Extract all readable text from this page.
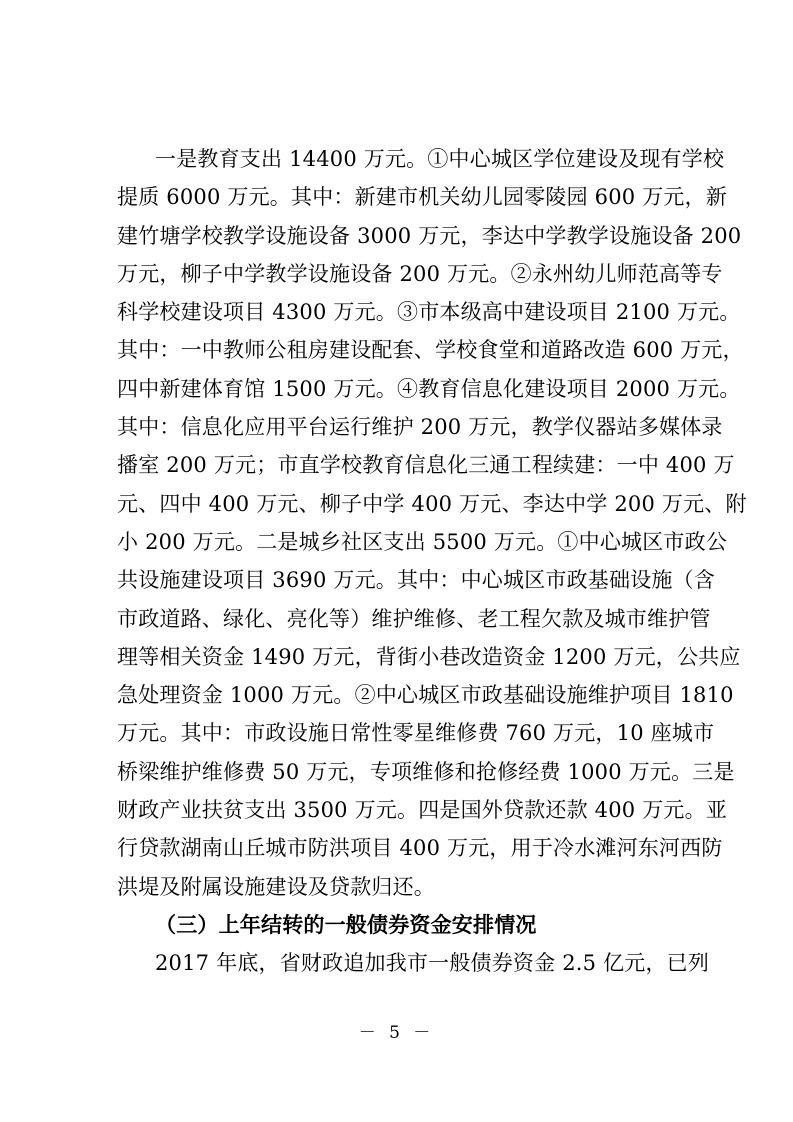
一是教育支出 14400 万元。①中心城区学位建设及现有学校
提质 6000 万元。其中：新建市机关幼儿园零陵园 600 万元，新
建竹塘学校教学设施设备 3000 万元，李达中学教学设施设备 200
万元，柳子中学教学设施设备 200 万元。②永州幼儿师范高等专
科学校建设项目 4300 万元。③市本级高中建设项目 2100 万元。
其中：一中教师公租房建设配套、学校食堂和道路改造 600 万元，
四中新建体育馆 1500 万元。④教育信息化建设项目 2000 万元。
其中：信息化应用平台运行维护 200 万元，教学仪器站多媒体录
播室 200 万元；市直学校教育信息化三通工程续建：一中 400 万
元、四中 400 万元、柳子中学 400 万元、李达中学 200 万元、附
小 200 万元。二是城乡社区支出 5500 万元。①中心城区市政公
共设施建设项目 3690 万元。其中：中心城区市政基础设施（含
市政道路、绿化、亮化等）维护维修、老工程欠款及城市维护管
理等相关资金 1490 万元，背街小巷改造资金 1200 万元，公共应
急处理资金 1000 万元。②中心城区市政基础设施维护项目 1810
万元。其中：市政设施日常性零星维修费 760 万元，10 座城市
桥梁维护维修费 50 万元，专项维修和抢修经费 1000 万元。三是
财政产业扶贫支出 3500 万元。四是国外贷款还款 400 万元。亚
行贷款湖南山丘城市防洪项目 400 万元，用于冷水滩河东河西防
洪堤及附属设施建设及贷款归还。
（三）上年结转的一般债券资金安排情况
2017 年底，省财政追加我市一般债券资金 2.5 亿元，已列
－ 5 －
